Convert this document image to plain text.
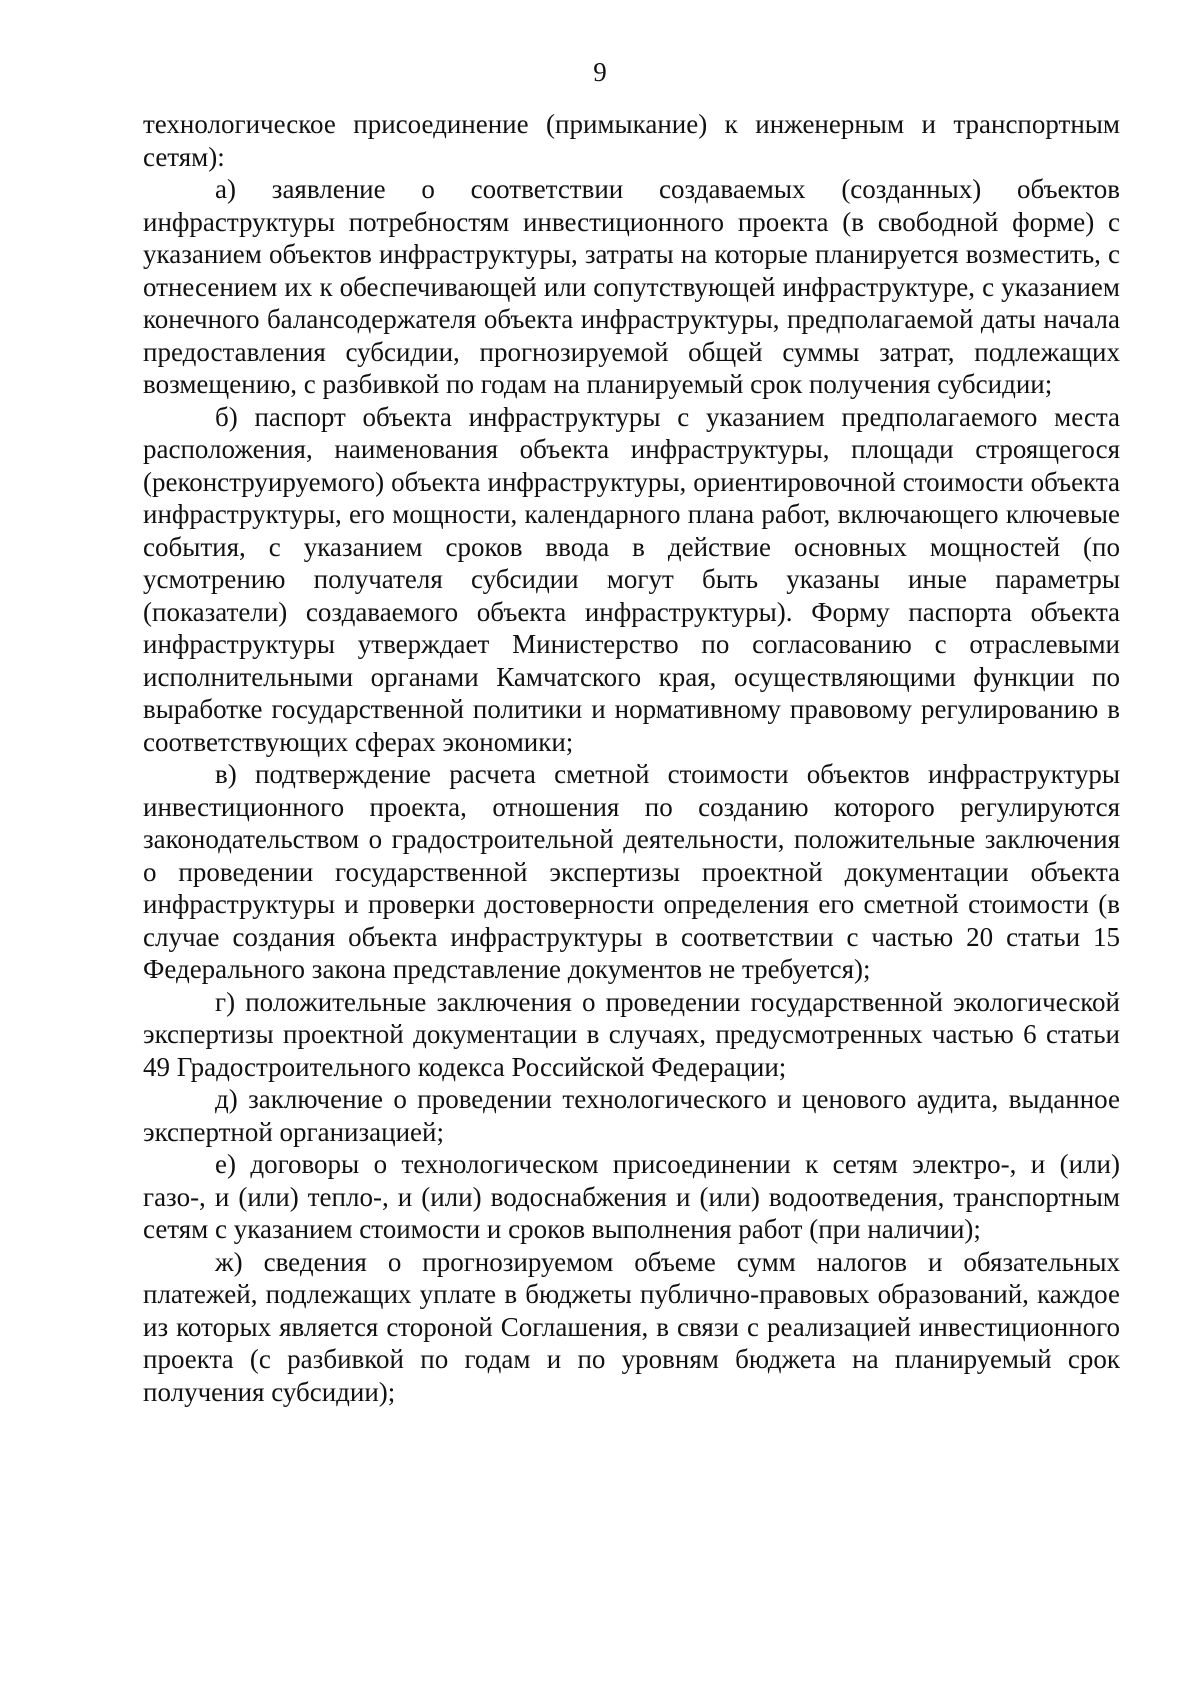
9

технологическое присоединение (примыкание) к инженерным и транспортным сетям):

а) заявление о соответствии создаваемых (созданных) объектов инфраструктуры потребностям инвестиционного проекта (в свободной форме) с указанием объектов инфраструктуры, затраты на которые планируется возместить, с отнесением их к обеспечивающей или сопутствующей инфраструктуре, с указанием конечного балансодержателя объекта инфраструктуры, предполагаемой даты начала предоставления субсидии, прогнозируемой общей суммы затрат, подлежащих возмещению, с разбивкой по годам на планируемый срок получения субсидии;

б) паспорт объекта инфраструктуры с указанием предполагаемого места расположения, наименования объекта инфраструктуры, площади строящегося (реконструируемого) объекта инфраструктуры, ориентировочной стоимости объекта инфраструктуры, его мощности, календарного плана работ, включающего ключевые события, с указанием сроков ввода в действие основных мощностей (по усмотрению получателя субсидии могут быть указаны иные параметры (показатели) создаваемого объекта инфраструктуры). Форму паспорта объекта инфраструктуры утверждает Министерство по согласованию с отраслевыми исполнительными органами Камчатского края, осуществляющими функции по выработке государственной политики и нормативному правовому регулированию в соответствующих сферах экономики;

в) подтверждение расчета сметной стоимости объектов инфраструктуры инвестиционного проекта, отношения по созданию которого регулируются законодательством о градостроительной деятельности, положительные заключения о проведении государственной экспертизы проектной документации объекта инфраструктуры и проверки достоверности определения его сметной стоимости (в случае создания объекта инфраструктуры в соответствии с частью 20 статьи 15 Федерального закона представление документов не требуется);

г) положительные заключения о проведении государственной экологической экспертизы проектной документации в случаях, предусмотренных частью 6 статьи 49 Градостроительного кодекса Российской Федерации;

д) заключение о проведении технологического и ценового аудита, выданное экспертной организацией;

е) договоры о технологическом присоединении к сетям электро-, и (или) газо-, и (или) тепло-, и (или) водоснабжения и (или) водоотведения, транспортным сетям с указанием стоимости и сроков выполнения работ (при наличии);

ж) сведения о прогнозируемом объеме сумм налогов и обязательных платежей, подлежащих уплате в бюджеты публично-правовых образований, каждое из которых является стороной Соглашения, в связи с реализацией инвестиционного проекта (с разбивкой по годам и по уровням бюджета на планируемый срок получения субсидии);
